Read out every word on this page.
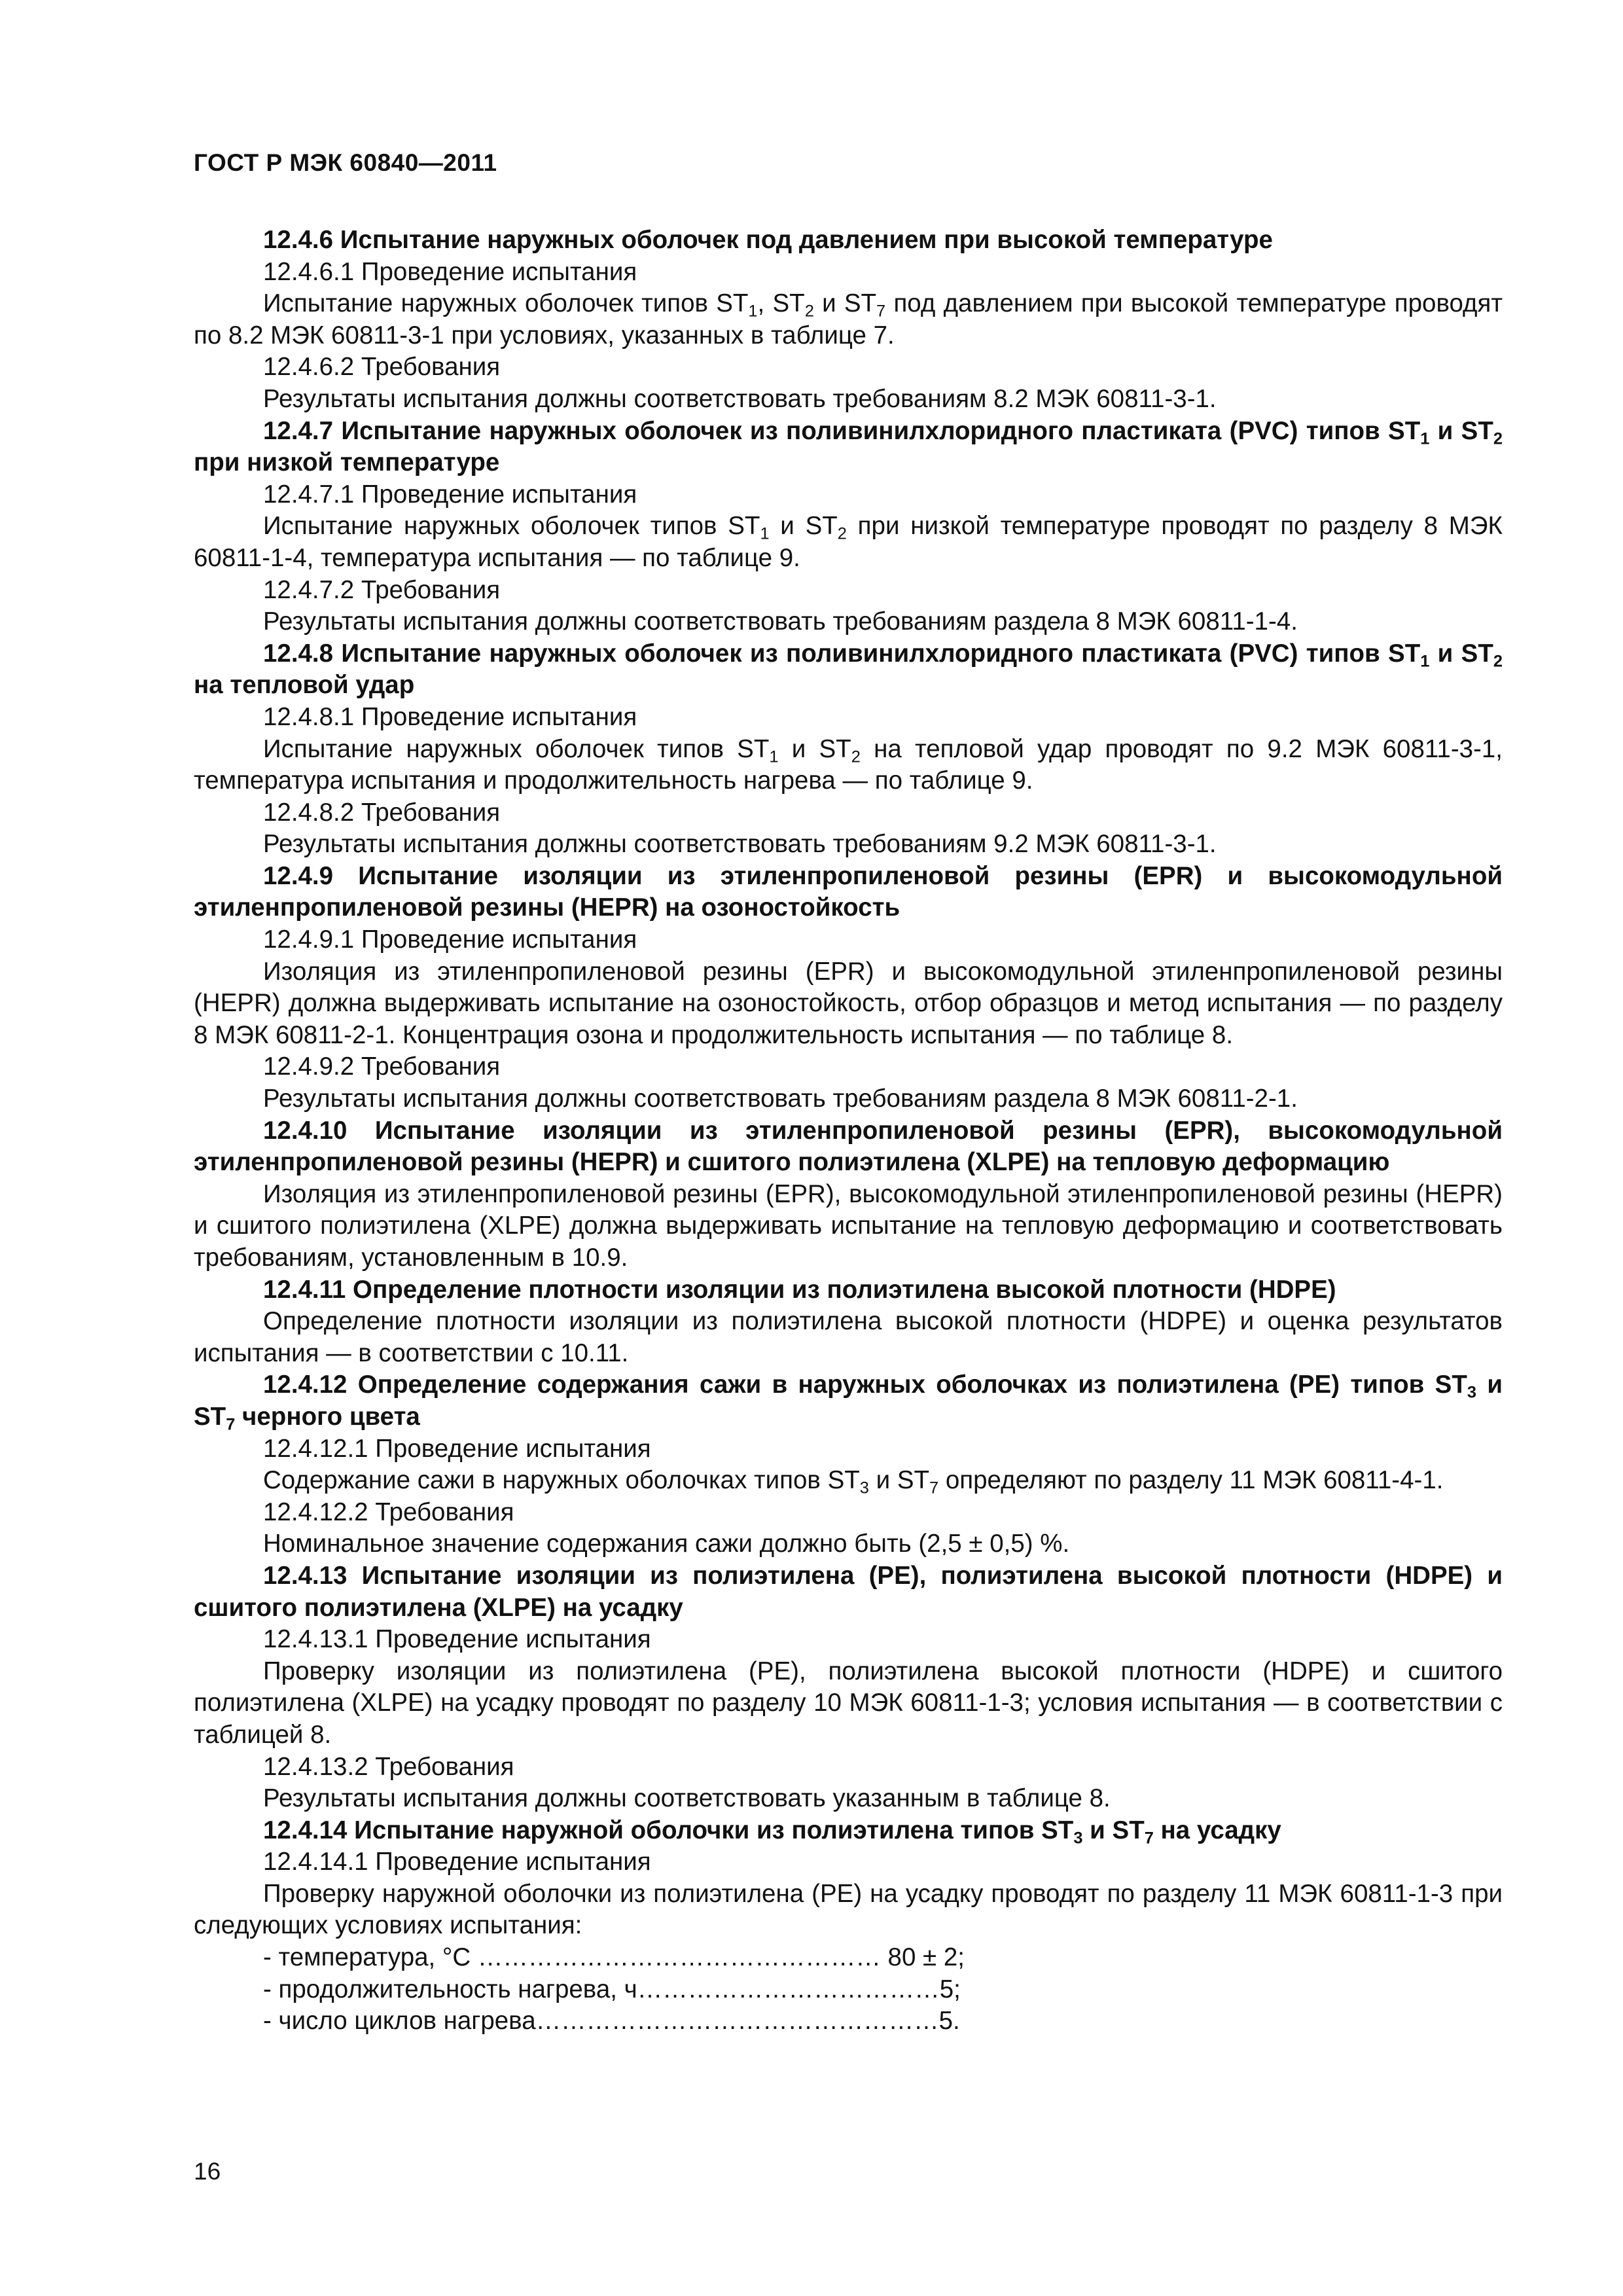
ГОСТ Р МЭК 60840—2011

12.4.6 Испытание наружных оболочек под давлением при высокой температуре

12.4.6.1 Проведение испытания

Испытание наружных оболочек типов $ST_1$, $ST_2$ и $ST_7$ под давлением при высокой температуре проводят по 8.2 МЭК 60811-3-1 при условиях, указанных в таблице 7.

12.4.6.2 Требования

Результаты испытания должны соответствовать требованиям 8.2 МЭК 60811-3-1.

12.4.7 Испытание наружных оболочек из поливинилхлоридного пластиката (PVC) типов $ST_1$ и $ST_2$ при низкой температуре

12.4.7.1 Проведение испытания

Испытание наружных оболочек типов $ST_1$ и $ST_2$ при низкой температуре проводят по разделу 8 МЭК 60811-1-4, температура испытания — по таблице 9.

12.4.7.2 Требования

Результаты испытания должны соответствовать требованиям раздела 8 МЭК 60811-1-4.

12.4.8 Испытание наружных оболочек из поливинилхлоридного пластиката (PVC) типов $ST_1$ и $ST_2$ на тепловой удар

12.4.8.1 Проведение испытания

Испытание наружных оболочек типов $ST_1$ и $ST_2$ на тепловой удар проводят по 9.2 МЭК 60811-3-1, температура испытания и продолжительность нагрева — по таблице 9.

12.4.8.2 Требования

Результаты испытания должны соответствовать требованиям 9.2 МЭК 60811-3-1.

12.4.9 Испытание изоляции из этиленпропиленовой резины (EPR) и высокомодульной этиленпропиленовой резины (HEPR) на озоностойкость

12.4.9.1 Проведение испытания

Изоляция из этиленпропиленовой резины (EPR) и высокомодульной этиленпропиленовой резины (HEPR) должна выдерживать испытание на озоностойкость, отбор образцов и метод испытания — по разделу 8 МЭК 60811-2-1. Концентрация озона и продолжительность испытания — по таблице 8.

12.4.9.2 Требования

Результаты испытания должны соответствовать требованиям раздела 8 МЭК 60811-2-1.

12.4.10 Испытание изоляции из этиленпропиленовой резины (EPR), высокомодульной этиленпропиленовой резины (HEPR) и сшитого полиэтилена (XLPE) на тепловую деформацию

Изоляция из этиленпропиленовой резины (EPR), высокомодульной этиленпропиленовой резины (HEPR) и сшитого полиэтилена (XLPE) должна выдерживать испытание на тепловую деформацию и соответствовать требованиям, установленным в 10.9.

12.4.11 Определение плотности изоляции из полиэтилена высокой плотности (HDPE)

Определение плотности изоляции из полиэтилена высокой плотности (HDPE) и оценка результатов испытания — в соответствии с 10.11.

12.4.12 Определение содержания сажи в наружных оболочках из полиэтилена (PE) типов $ST_3$ и $ST_7$ черного цвета

12.4.12.1 Проведение испытания

Содержание сажи в наружных оболочках типов $ST_3$ и $ST_7$ определяют по разделу 11 МЭК 60811-4-1.

12.4.12.2 Требования

Номинальное значение содержания сажи должно быть (2,5 ± 0,5) %.

12.4.13 Испытание изоляции из полиэтилена (PE), полиэтилена высокой плотности (HDPE) и сшитого полиэтилена (XLPE) на усадку

12.4.13.1 Проведение испытания

Проверку изоляции из полиэтилена (PE), полиэтилена высокой плотности (HDPE) и сшитого полиэтилена (XLPE) на усадку проводят по разделу 10 МЭК 60811-1-3; условия испытания — в соответствии с таблицей 8.

12.4.13.2 Требования

Результаты испытания должны соответствовать указанным в таблице 8.

12.4.14 Испытание наружной оболочки из полиэтилена типов $ST_3$ и $ST_7$ на усадку

12.4.14.1 Проведение испытания

Проверку наружной оболочки из полиэтилена (PE) на усадку проводят по разделу 11 МЭК 60811-1-3 при следующих условиях испытания:

- температура, °С ………………………………………… 80 ± 2;

- продолжительность нагрева, ч………………………………5;

- число циклов нагрева…………………………………………5.

16
